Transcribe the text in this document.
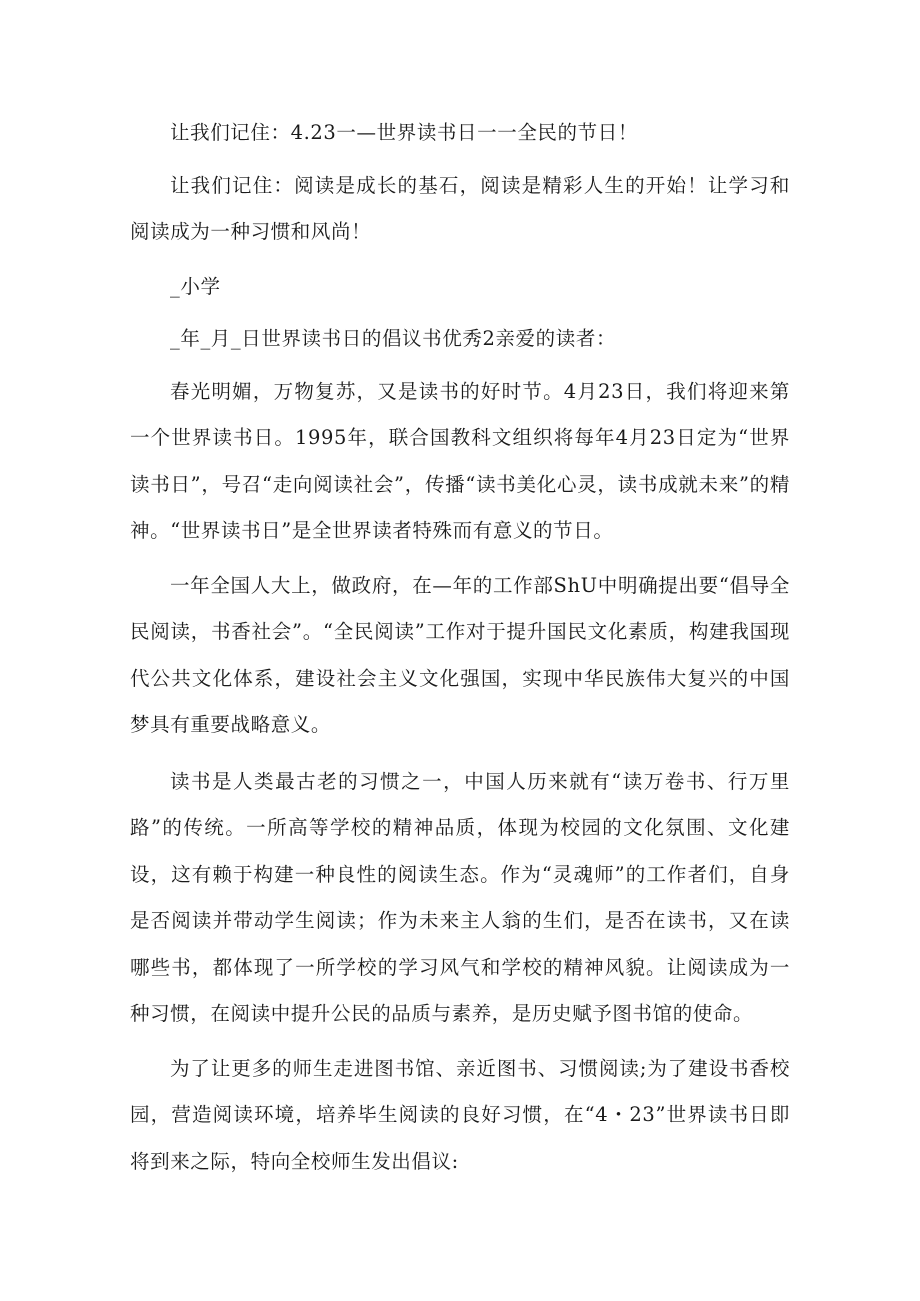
让我们记住：4.23一—世界读书日一一全民的节日！

让我们记住：阅读是成长的基石，阅读是精彩人生的开始！让学习和阅读成为一种习惯和风尚！

_小学

_年_月_日世界读书日的倡议书优秀2亲爱的读者：

春光明媚，万物复苏，又是读书的好时节。4月23日，我们将迎来第一个世界读书日。1995年，联合国教科文组织将每年4月23日定为“世界读书日”，号召“走向阅读社会”，传播“读书美化心灵，读书成就未来”的精神。“世界读书日”是全世界读者特殊而有意义的节日。

一年全国人大上，做政府，在—年的工作部ShU中明确提出要“倡导全民阅读，书香社会”。“全民阅读”工作对于提升国民文化素质，构建我国现代公共文化体系，建设社会主义文化强国，实现中华民族伟大复兴的中国梦具有重要战略意义。

读书是人类最古老的习惯之一，中国人历来就有“读万卷书、行万里路”的传统。一所高等学校的精神品质，体现为校园的文化氛围、文化建设，这有赖于构建一种良性的阅读生态。作为“灵魂师”的工作者们，自身是否阅读并带动学生阅读；作为未来主人翁的生们，是否在读书，又在读哪些书，都体现了一所学校的学习风气和学校的精神风貌。让阅读成为一种习惯，在阅读中提升公民的品质与素养，是历史赋予图书馆的使命。

为了让更多的师生走进图书馆、亲近图书、习惯阅读;为了建设书香校园，营造阅读环境，培养毕生阅读的良好习惯，在“4・23”世界读书日即将到来之际，特向全校师生发出倡议:
